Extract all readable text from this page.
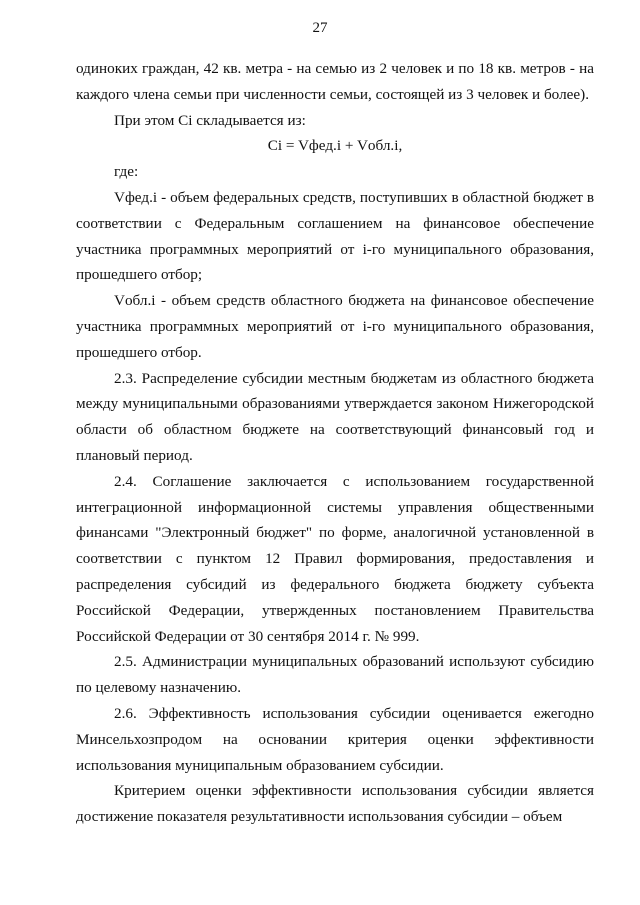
27

одиноких граждан, 42 кв. метра - на семью из 2 человек и по 18 кв. метров - на каждого члена семьи при численности семьи, состоящей из 3 человек и более).

При этом Сi складывается из:

Сi = Vфед.i + Vобл.i,

где:

Vфед.i - объем федеральных средств, поступивших в областной бюджет в соответствии с Федеральным соглашением на финансовое обеспечение участника программных мероприятий от i-го муниципального образования, прошедшего отбор;

Vобл.i - объем средств областного бюджета на финансовое обеспечение участника программных мероприятий от i-го муниципального образования, прошедшего отбор.

2.3. Распределение субсидии местным бюджетам из областного бюджета между муниципальными образованиями утверждается законом Нижегородской области об областном бюджете на соответствующий финансовый год и плановый период.

2.4. Соглашение заключается с использованием государственной интеграционной информационной системы управления общественными финансами "Электронный бюджет" по форме, аналогичной установленной в соответствии с пунктом 12 Правил формирования, предоставления и распределения субсидий из федерального бюджета бюджету субъекта Российской Федерации, утвержденных постановлением Правительства Российской Федерации от 30 сентября 2014 г. № 999.

2.5. Администрации муниципальных образований используют субсидию по целевому назначению.

2.6. Эффективность использования субсидии оценивается ежегодно Минсельхозпродом на основании критерия оценки эффективности использования муниципальным образованием субсидии.

Критерием оценки эффективности использования субсидии является достижение показателя результативности использования субсидии – объем
